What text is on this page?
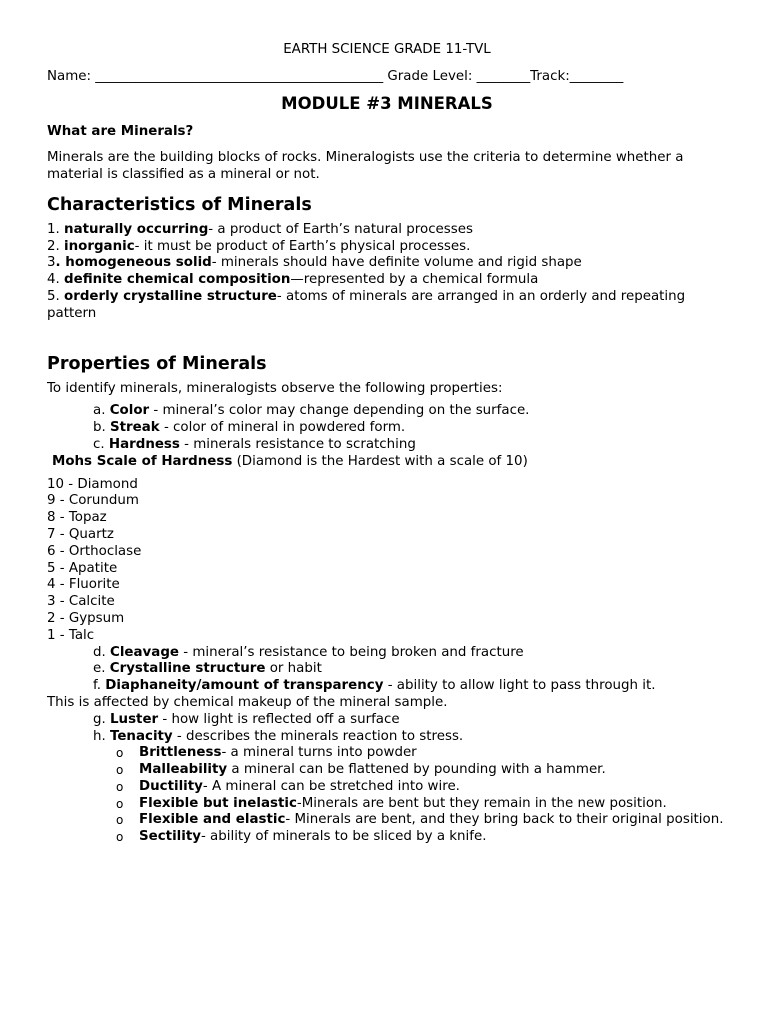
EARTH SCIENCE GRADE 11-TVL
Name: ___________________________________________ Grade Level: ________Track:________
MODULE #3 MINERALS
What are Minerals?

Minerals are the building blocks of rocks. Mineralogists use the criteria to determine whether a material is classified as a mineral or not.

Characteristics of Minerals
1. naturally occurring- a product of Earth’s natural processes
2. inorganic- it must be product of Earth’s physical processes.
3. homogeneous solid- minerals should have definite volume and rigid shape
4. definite chemical composition—represented by a chemical formula
5. orderly crystalline structure- atoms of minerals are arranged in an orderly and repeating pattern
Properties of Minerals

To identify minerals, mineralogists observe the following properties:

a. Color - mineral’s color may change depending on the surface.
b. Streak - color of mineral in powdered form.
c. Hardness - minerals resistance to scratching
Mohs Scale of Hardness (Diamond is the Hardest with a scale of 10)
10 - Diamond
9 - Corundum
8 - Topaz
7 - Quartz
6 - Orthoclase
5 - Apatite
4 - Fluorite
3 - Calcite
2 - Gypsum
1 - Talc
d. Cleavage - mineral’s resistance to being broken and fracture
e. Crystalline structure or habit
f. Diaphaneity/amount of transparency - ability to allow light to pass through it.
This is affected by chemical makeup of the mineral sample.
g. Luster - how light is reflected off a surface
h. Tenacity - describes the minerals reaction to stress.
o Brittleness- a mineral turns into powder
o Malleability a mineral can be flattened by pounding with a hammer.
o Ductility- A mineral can be stretched into wire.
o Flexible but inelastic-Minerals are bent but they remain in the new position.
o Flexible and elastic- Minerals are bent, and they bring back to their original position.
o Sectility- ability of minerals to be sliced by a knife.
